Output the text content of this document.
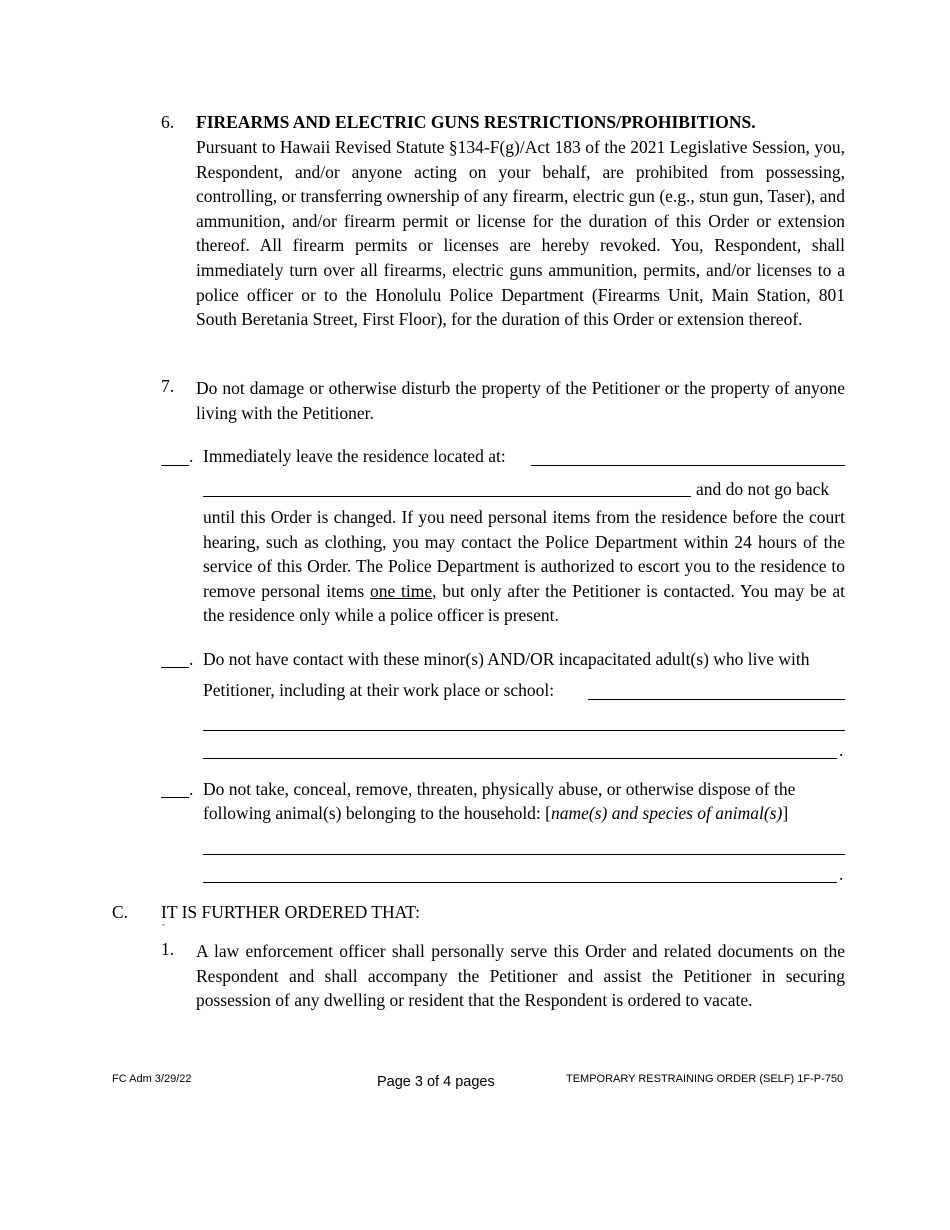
6. FIREARMS AND ELECTRIC GUNS RESTRICTIONS/PROHIBITIONS.
Pursuant to Hawaii Revised Statute §134-F(g)/Act 183 of the 2021 Legislative Session, you, Respondent, and/or anyone acting on your behalf, are prohibited from possessing, controlling, or transferring ownership of any firearm, electric gun (e.g., stun gun, Taser), and ammunition, and/or firearm permit or license for the duration of this Order or extension thereof. All firearm permits or licenses are hereby revoked. You, Respondent, shall immediately turn over all firearms, electric guns ammunition, permits, and/or licenses to a police officer or to the Honolulu Police Department (Firearms Unit, Main Station, 801 South Beretania Street, First Floor), for the duration of this Order or extension thereof.
7. Do not damage or otherwise disturb the property of the Petitioner or the property of anyone living with the Petitioner.
. Immediately leave the residence located at:
and do not go back
until this Order is changed. If you need personal items from the residence before the court hearing, such as clothing, you may contact the Police Department within 24 hours of the service of this Order. The Police Department is authorized to escort you to the residence to remove personal items one time, but only after the Petitioner is contacted. You may be at the residence only while a police officer is present.
. Do not have contact with these minor(s) AND/OR incapacitated adult(s) who live with
Petitioner, including at their work place or school:
.
. Do not take, conceal, remove, threaten, physically abuse, or otherwise dispose of the
following animal(s) belonging to the household: [name(s) and species of animal(s)]
.
C. IT IS FURTHER ORDERED THAT:
-
1. A law enforcement officer shall personally serve this Order and related documents on the Respondent and shall accompany the Petitioner and assist the Petitioner in securing possession of any dwelling or resident that the Respondent is ordered to vacate.
FC Adm 3/29/22	Page 3 of 4 pages	TEMPORARY RESTRAINING ORDER (SELF) 1F-P-750
